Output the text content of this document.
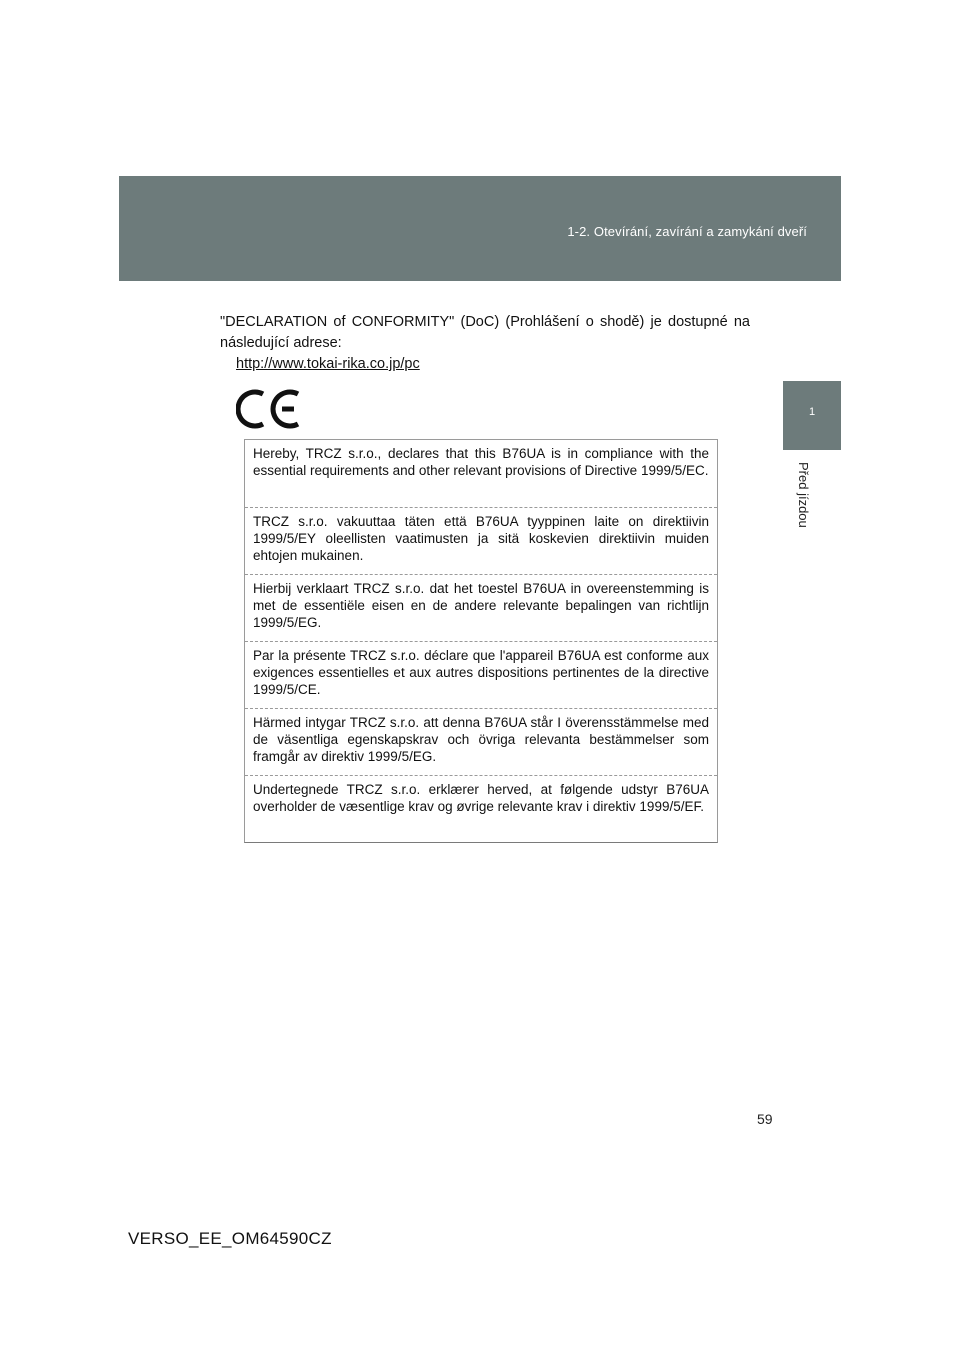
1-2. Otevírání, zavírání a zamykání dveří
1
Před jízdou
"DECLARATION of CONFORMITY" (DoC) (Prohlášení o shodě) je dostupné na následující adrese:
http://www.tokai-rika.co.jp/pc
Hereby, TRCZ s.r.o., declares that this B76UA is in compliance with the essential requirements and other relevant provisions of Directive 1999/5/EC.
TRCZ s.r.o. vakuuttaa täten että B76UA tyyppinen laite on direktiivin 1999/5/EY oleellisten vaatimusten ja sitä koskevien direktiivin muiden ehtojen mukainen.
Hierbij verklaart TRCZ s.r.o. dat het toestel B76UA in overeenstemming is met de essentiële eisen en de andere relevante bepalingen van richtlijn 1999/5/EG.
Par la présente TRCZ s.r.o. déclare que l'appareil B76UA est conforme aux exigences essentielles et aux autres dispositions pertinentes de la directive 1999/5/CE.
Härmed intygar TRCZ s.r.o. att denna B76UA står I överensstämmelse med de väsentliga egenskapskrav och övriga relevanta bestämmelser som framgår av direktiv 1999/5/EG.
Undertegnede TRCZ s.r.o. erklærer herved, at følgende udstyr B76UA overholder de væsentlige krav og øvrige relevante krav i direktiv 1999/5/EF.
59
VERSO_EE_OM64590CZ
